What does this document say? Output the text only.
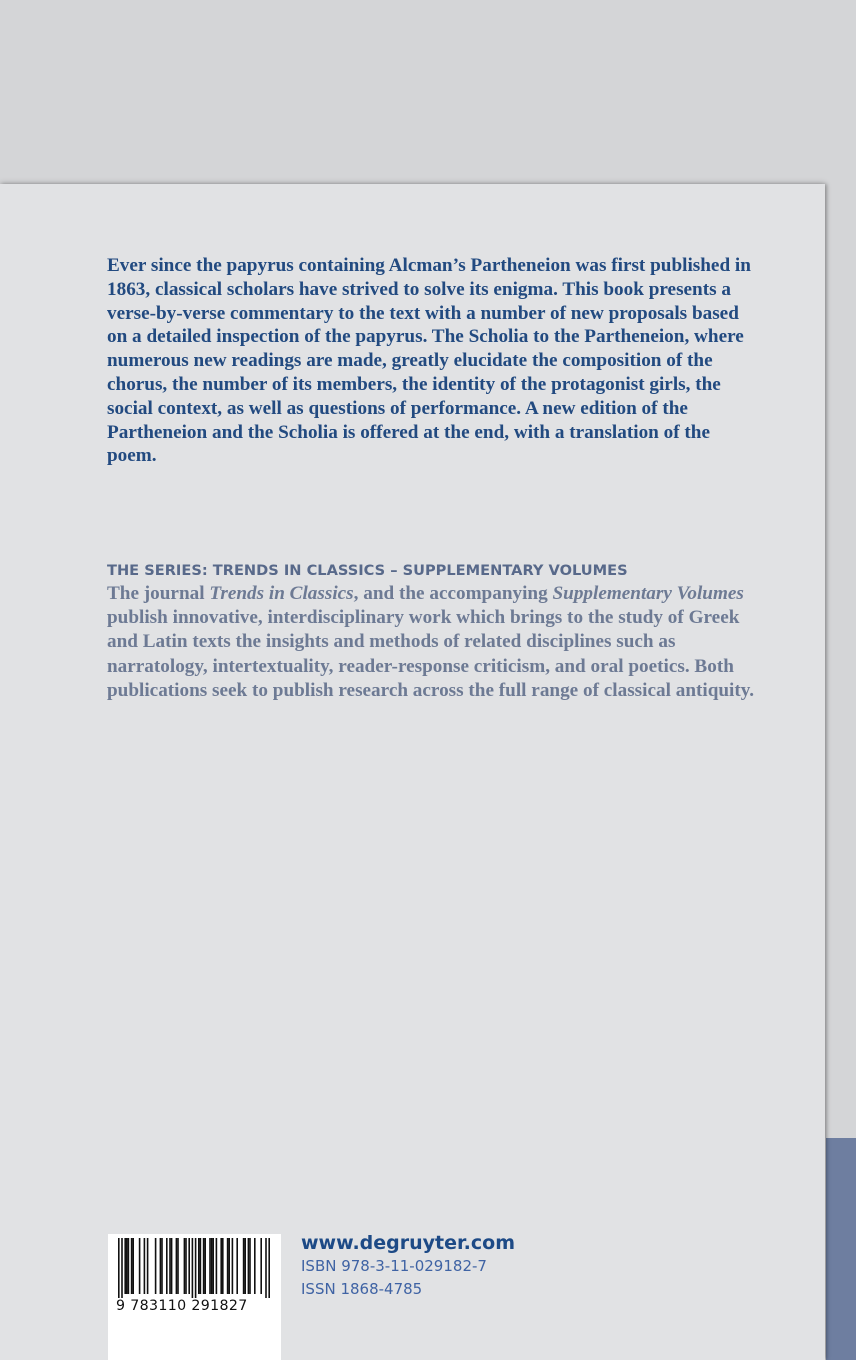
Ever since the papyrus containing Alcman’s Partheneion was first published in 1863, classical scholars have strived to solve its enigma. This book presents a verse-by-verse commentary to the text with a number of new proposals based on a detailed inspection of the papyrus. The Scholia to the Partheneion, where numerous new readings are made, greatly elucidate the composition of the chorus, the number of its members, the identity of the protagonist girls, the social context, as well as questions of performance. A new edition of the Partheneion and the Scholia is offered at the end, with a translation of the poem.

THE SERIES: TRENDS IN CLASSICS – SUPPLEMENTARY VOLUMES

The journal Trends in Classics, and the accompanying Supplementary Volumes publish innovative, interdisciplinary work which brings to the study of Greek and Latin texts the insights and methods of related disciplines such as narratology, intertextuality, reader-response criticism, and oral poetics. Both publications seek to publish research across the full range of classical antiquity.

9 783110 291827
www.degruyter.com
ISBN 978-3-11-029182-7
ISSN 1868-4785
